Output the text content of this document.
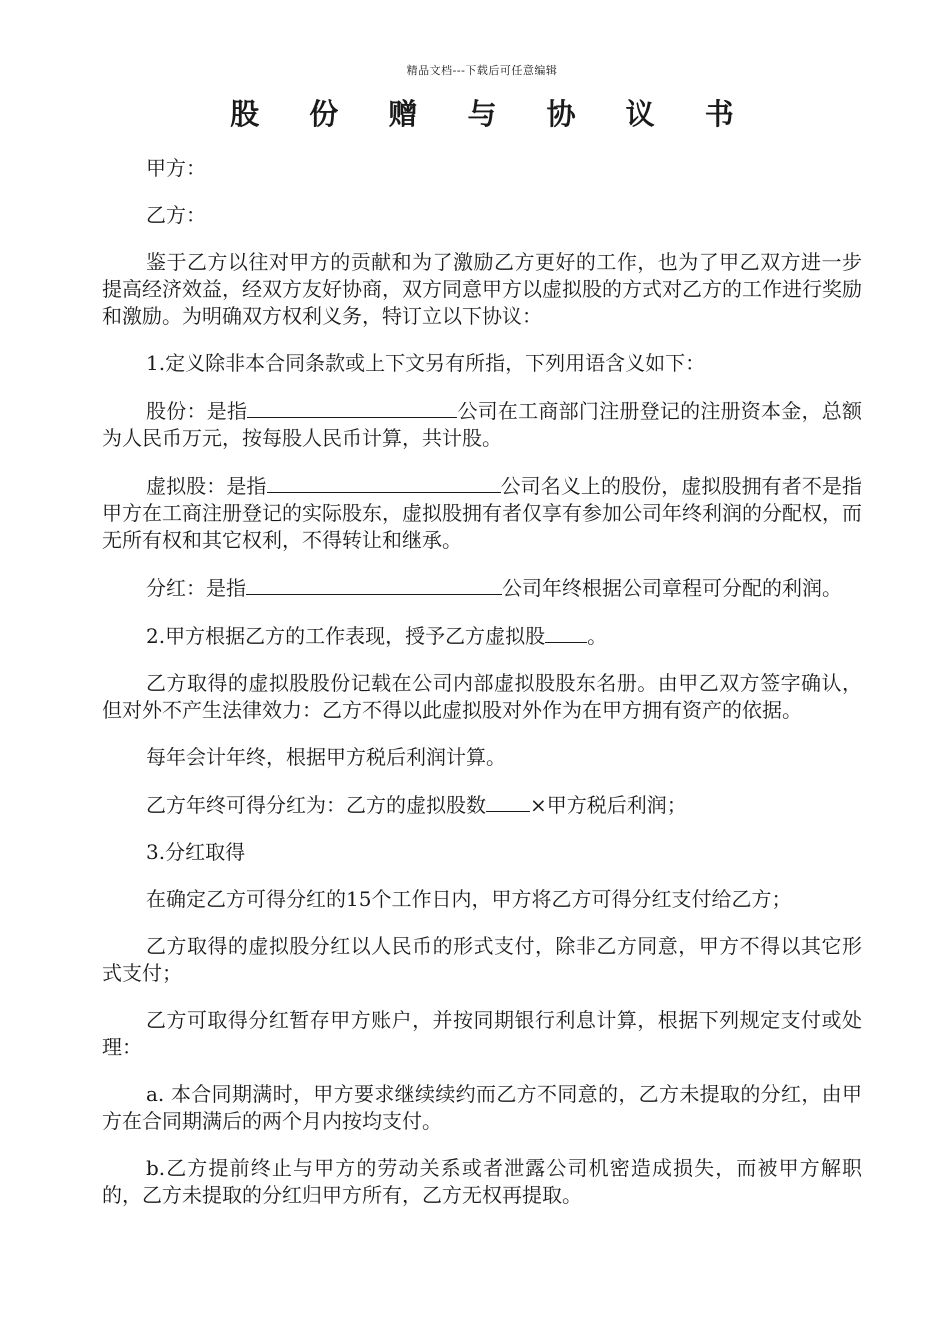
精品文档---下载后可任意编辑
股 份 赠 与 协 议 书

甲方：

乙方：

鉴于乙方以往对甲方的贡献和为了激励乙方更好的工作，也为了甲乙双方进一步提高经济效益，经双方友好协商，双方同意甲方以虚拟股的方式对乙方的工作进行奖励和激励。为明确双方权利义务，特订立以下协议：

1.定义除非本合同条款或上下文另有所指，下列用语含义如下：

股份：是指	公司在工商部门注册登记的注册资本金，总额为人民币万元，按每股人民币计算，共计股。

虚拟股：是指	公司名义上的股份，虚拟股拥有者不是指甲方在工商注册登记的实际股东，虚拟股拥有者仅享有参加公司年终利润的分配权，而无所有权和其它权利，不得转让和继承。

分红：是指	公司年终根据公司章程可分配的利润。

2.甲方根据乙方的工作表现，授予乙方虚拟股 。

乙方取得的虚拟股股份记载在公司内部虚拟股股东名册。由甲乙双方签字确认，但对外不产生法律效力：乙方不得以此虚拟股对外作为在甲方拥有资产的依据。

每年会计年终，根据甲方税后利润计算。

乙方年终可得分红为：乙方的虚拟股数 ×甲方税后利润；

3.分红取得

在确定乙方可得分红的15个工作日内，甲方将乙方可得分红支付给乙方；

乙方取得的虚拟股分红以人民币的形式支付，除非乙方同意，甲方不得以其它形式支付；

乙方可取得分红暂存甲方账户，并按同期银行利息计算，根据下列规定支付或处理：

a. 本合同期满时，甲方要求继续续约而乙方不同意的，乙方未提取的分红，由甲方在合同期满后的两个月内按均支付。

b.乙方提前终止与甲方的劳动关系或者泄露公司机密造成损失，而被甲方解职的，乙方未提取的分红归甲方所有，乙方无权再提取。
